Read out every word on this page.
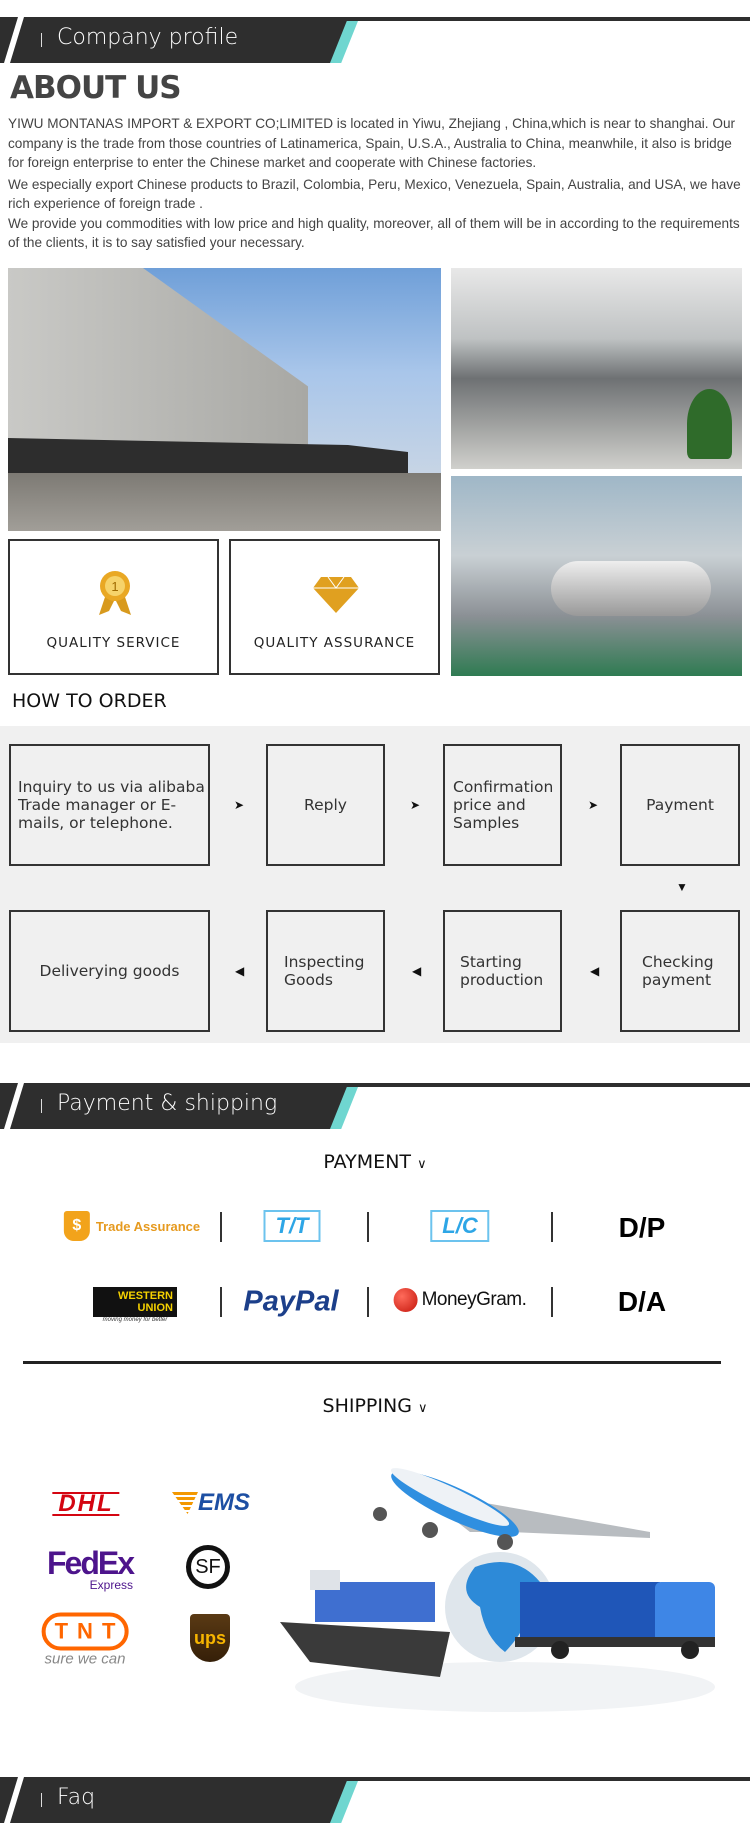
Company profile
ABOUT US

YIWU MONTANAS IMPORT & EXPORT CO;LIMITED is located in Yiwu, Zhejiang , China,which is near to shanghai. Our company is the trade from those countries of Latinamerica, Spain, U.S.A., Australia to China, meanwhile, it also is bridge for foreign enterprise to enter the Chinese market and cooperate with Chinese factories.

We especially export Chinese products to Brazil, Colombia, Peru, Mexico, Venezuela, Spain, Australia, and USA, we have rich experience of foreign trade .

We provide you commodities with low price and high quality, moreover, all of them will be in according to the requirements of the clients, it is to say satisfied your necessary.

1
QUALITY SERVICE	QUALITY ASSURANCE
HOW TO ORDER
Inquiry to us via alibaba Trade manager or E-mails, or telephone.
Reply
Confirmation price and Samples
Payment
Checking payment
Starting production
Inspecting Goods
Deliverying goods
➤	➤	➤
▼
◀
◀
◀
Payment & shipping
PAYMENT ∨
$	Trade Assurance	T/T	L/C	D/P
WESTERN UNION
moving money for better
PayPal	MoneyGram.	D/A
SHIPPING ∨
DHL	EMS
FedEx
Express
SF
TNT
sure we can
ups
Faq
